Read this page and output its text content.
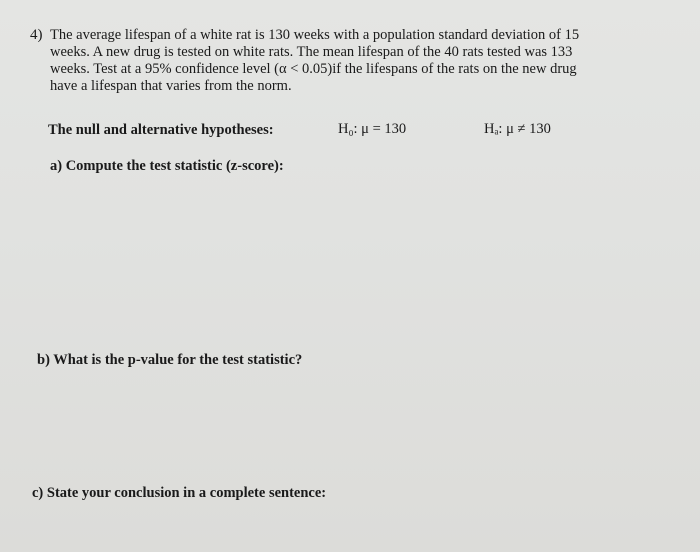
4) The average lifespan of a white rat is 130 weeks with a population standard deviation of 15
weeks. A new drug is tested on white rats. The mean lifespan of the 40 rats tested was 133
weeks. Test at a 95% confidence level (α < 0.05)if the lifespans of the rats on the new drug
have a lifespan that varies from the norm.
The null and alternative hypotheses:	H₀: μ = 130	Hₐ: μ ≠ 130
a) Compute the test statistic (z-score):
b) What is the p-value for the test statistic?
c) State your conclusion in a complete sentence:
